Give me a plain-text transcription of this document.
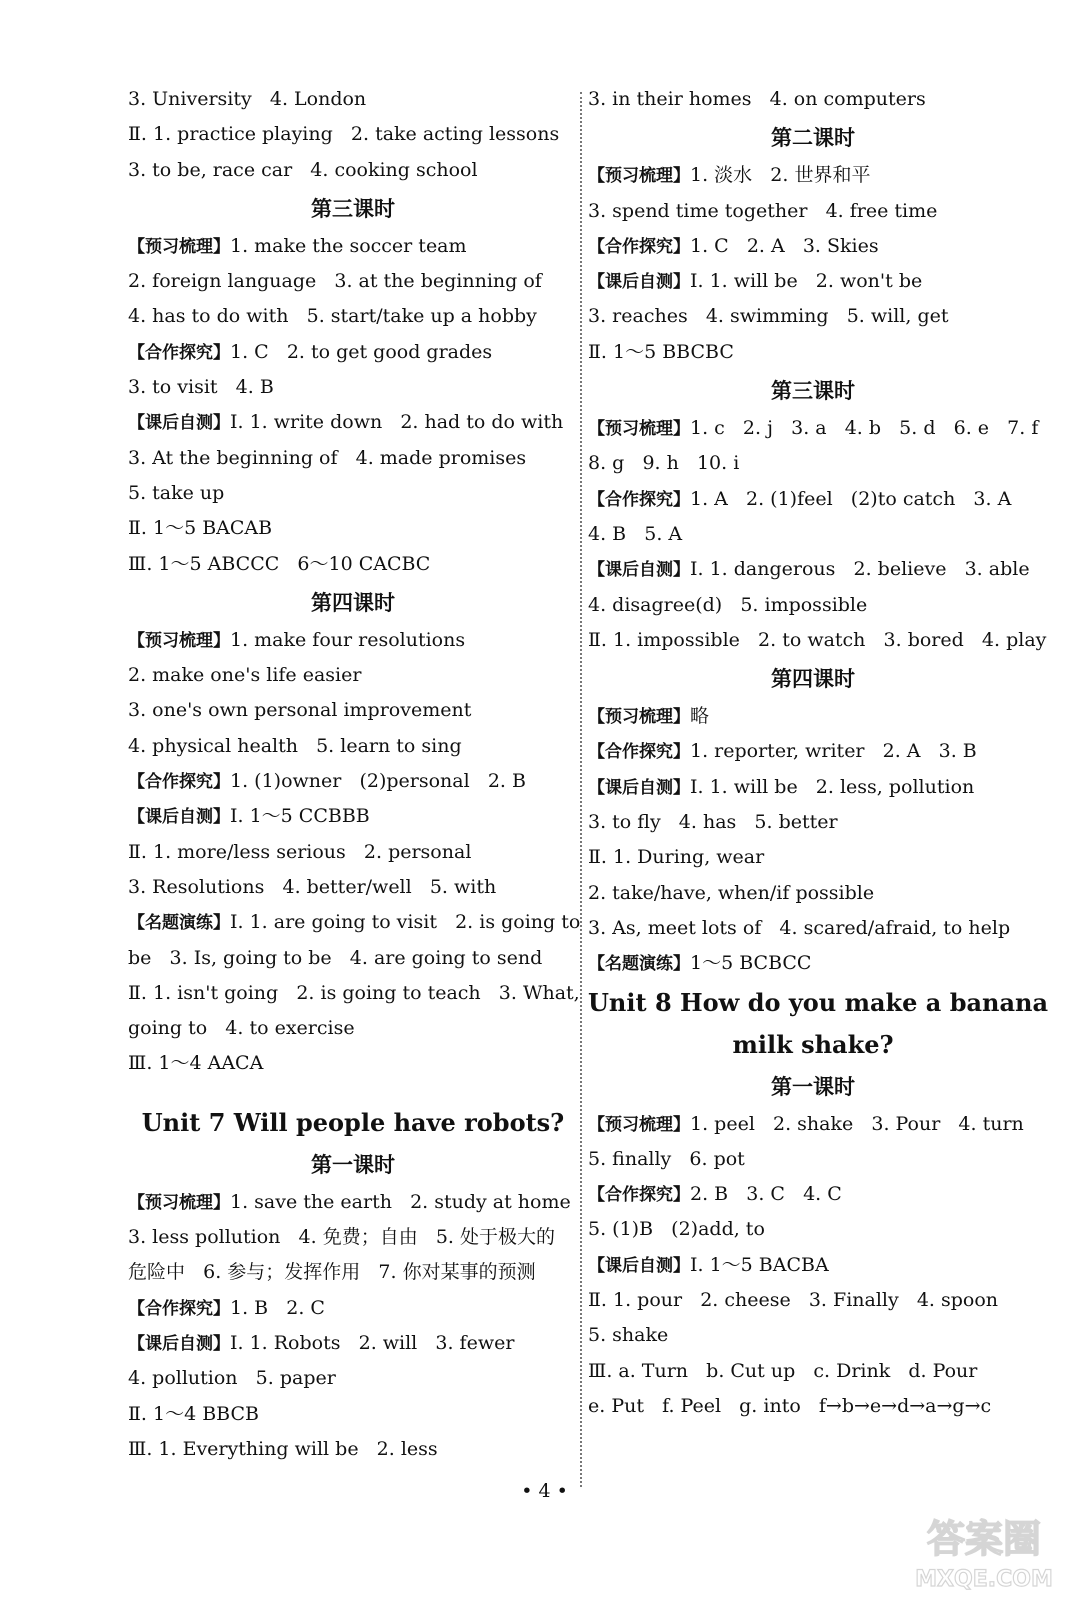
3. University   4. London
Ⅱ. 1. practice playing   2. take acting lessons
3. to be, race car   4. cooking school
第三课时
【预习梳理】1. make the soccer team
2. foreign language   3. at the beginning of
4. has to do with   5. start/take up a hobby
【合作探究】1. C   2. to get good grades
3. to visit   4. B
【课后自测】Ⅰ. 1. write down   2. had to do with
3. At the beginning of   4. made promises
5. take up
Ⅱ. 1～5 BACAB
Ⅲ. 1～5 ABCCC   6～10 CACBC
第四课时
【预习梳理】1. make four resolutions
2. make one's life easier
3. one's own personal improvement
4. physical health   5. learn to sing
【合作探究】1. (1)owner   (2)personal   2. B
【课后自测】Ⅰ. 1～5 CCBBB
Ⅱ. 1. more/less serious   2. personal
3. Resolutions   4. better/well   5. with
【名题演练】Ⅰ. 1. are going to visit   2. is going to
be   3. Is, going to be   4. are going to send
Ⅱ. 1. isn't going   2. is going to teach   3. What,
going to   4. to exercise
Ⅲ. 1～4 AACA
Unit 7 Will people have robots?
第一课时
【预习梳理】1. save the earth   2. study at home
3. less pollution   4. 免费；自由   5. 处于极大的
危险中   6. 参与；发挥作用   7. 你对某事的预测
【合作探究】1. B   2. C
【课后自测】Ⅰ. 1. Robots   2. will   3. fewer
4. pollution   5. paper
Ⅱ. 1～4 BBCB
Ⅲ. 1. Everything will be   2. less
3. in their homes   4. on computers
第二课时
【预习梳理】1. 淡水   2. 世界和平
3. spend time together   4. free time
【合作探究】1. C   2. A   3. Skies
【课后自测】Ⅰ. 1. will be   2. won't be
3. reaches   4. swimming   5. will, get
Ⅱ. 1～5 BBCBC
第三课时
【预习梳理】1. c   2. j   3. a   4. b   5. d   6. e   7. f
8. g   9. h   10. i
【合作探究】1. A   2. (1)feel   (2)to catch   3. A
4. B   5. A
【课后自测】Ⅰ. 1. dangerous   2. believe   3. able
4. disagree(d)   5. impossible
Ⅱ. 1. impossible   2. to watch   3. bored   4. play
第四课时
【预习梳理】略
【合作探究】1. reporter, writer   2. A   3. B
【课后自测】Ⅰ. 1. will be   2. less, pollution
3. to fly   4. has   5. better
Ⅱ. 1. During, wear
2. take/have, when/if possible
3. As, meet lots of   4. scared/afraid, to help
【名题演练】1～5 BCBCC
Unit 8 How do you make a banana
milk shake?
第一课时
【预习梳理】1. peel   2. shake   3. Pour   4. turn
5. finally   6. pot
【合作探究】2. B   3. C   4. C
5. (1)B   (2)add, to
【课后自测】Ⅰ. 1～5 BACBA
Ⅱ. 1. pour   2. cheese   3. Finally   4. spoon
5. shake
Ⅲ. a. Turn   b. Cut up   c. Drink   d. Pour
e. Put   f. Peel   g. into   f→b→e→d→a→g→c
• 4 •
答案圈
MXQE.COM
